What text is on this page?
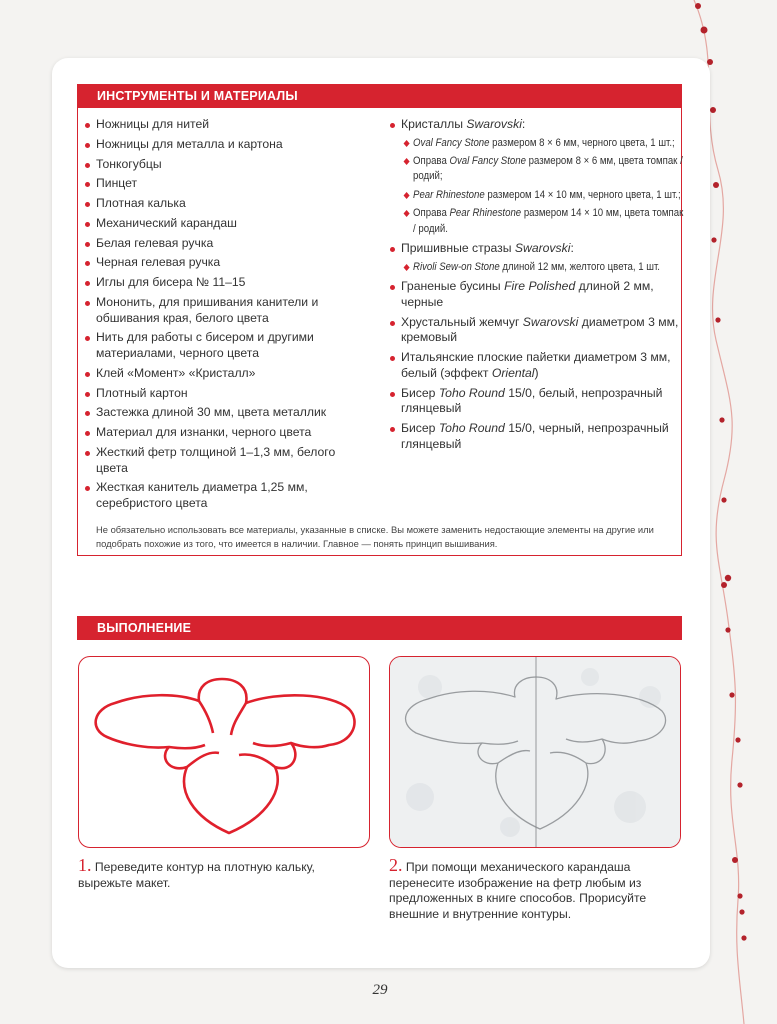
ИНСТРУМЕНТЫ И МАТЕРИАЛЫ
Ножницы для нитей
Ножницы для металла и картона
Тонкогубцы
Пинцет
Плотная калька
Механический карандаш
Белая гелевая ручка
Черная гелевая ручка
Иглы для бисера № 11–15
Мононить, для пришивания канители и обшивания края, белого цвета
Нить для работы с бисером и другими материалами, черного цвета
Клей «Момент» «Кристалл»
Плотный картон
Застежка длиной 30 мм, цвета металлик
Материал для изнанки, черного цвета
Жесткий фетр толщиной 1–1,3 мм, белого цвета
Жесткая канитель диаметра 1,25 мм, серебристого цвета
Кристаллы Swarovski:
Oval Fancy Stone размером 8 × 6 мм, черного цвета, 1 шт.;
Оправа Oval Fancy Stone размером 8 × 6 мм, цвета томпак / родий;
Pear Rhinestone размером 14 × 10 мм, черного цвета, 1 шт.;
Оправа Pear Rhinestone размером 14 × 10 мм, цвета томпак / родий.
Пришивные стразы Swarovski:
Rivoli Sew-on Stone длиной 12 мм, желтого цвета, 1 шт.
Граненые бусины Fire Polished длиной 2 мм, черные
Хрустальный жемчуг Swarovski диаметром 3 мм, кремовый
Итальянские плоские пайетки диаметром 3 мм, белый (эффект Oriental)
Бисер Toho Round 15/0, белый, непрозрачный глянцевый
Бисер Toho Round 15/0, черный, непрозрачный глянцевый
Не обязательно использовать все материалы, указанные в списке. Вы можете заменить недостающие элементы на другие или подобрать похожие из того, что имеется в наличии. Главное — понять принцип вышивания.
ВЫПОЛНЕНИЕ
1. Переведите контур на плотную кальку, вырежьте макет.
2. При помощи механического карандаша перенесите изображение на фетр любым из предложенных в книге способов. Прорисуйте внешние и внутренние контуры.
29
